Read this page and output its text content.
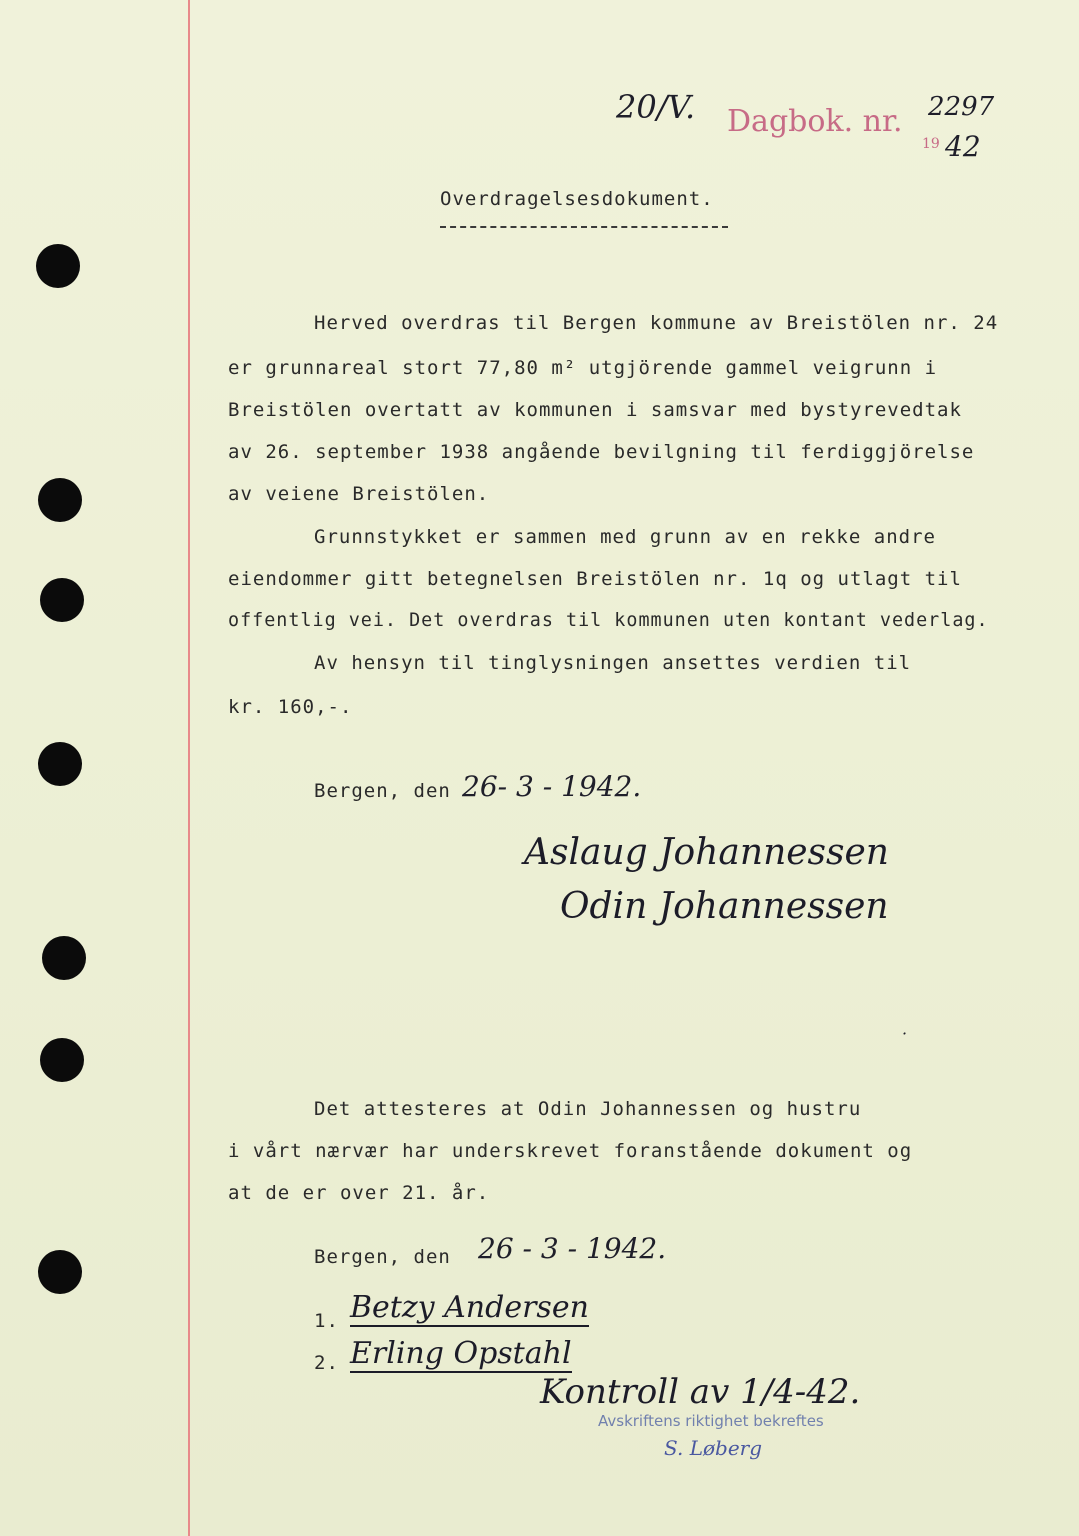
20/V. Dagbok. nr. 2297
19 42
Overdragelsesdokument.
Herved overdras til Bergen kommune av Breistölen nr. 24
er grunnareal stort 77,80 m² utgjörende gammel veigrunn i
Breistölen overtatt av kommunen i samsvar med bystyrevedtak
av 26. september 1938 angående bevilgning til ferdiggjörelse
av veiene Breistölen.
Grunnstykket er sammen med grunn av en rekke andre
eiendommer gitt betegnelsen Breistölen nr. 1q og utlagt til
offentlig vei. Det overdras til kommunen uten kontant vederlag.
Av hensyn til tinglysningen ansettes verdien til
kr. 160,-.
Bergen, den 26- 3 - 1942.
Aslaug Johannessen
Odin Johannessen
·
Det attesteres at Odin Johannessen og hustru
i vårt nærvær har underskrevet foranstående dokument og
at de er over 21. år.
Bergen, den 26 - 3 - 1942.
1. Betzy Andersen
2. Erling Opstahl
Kontroll av 1/4-42.
Avskriftens riktighet bekreftes
S. Løberg
